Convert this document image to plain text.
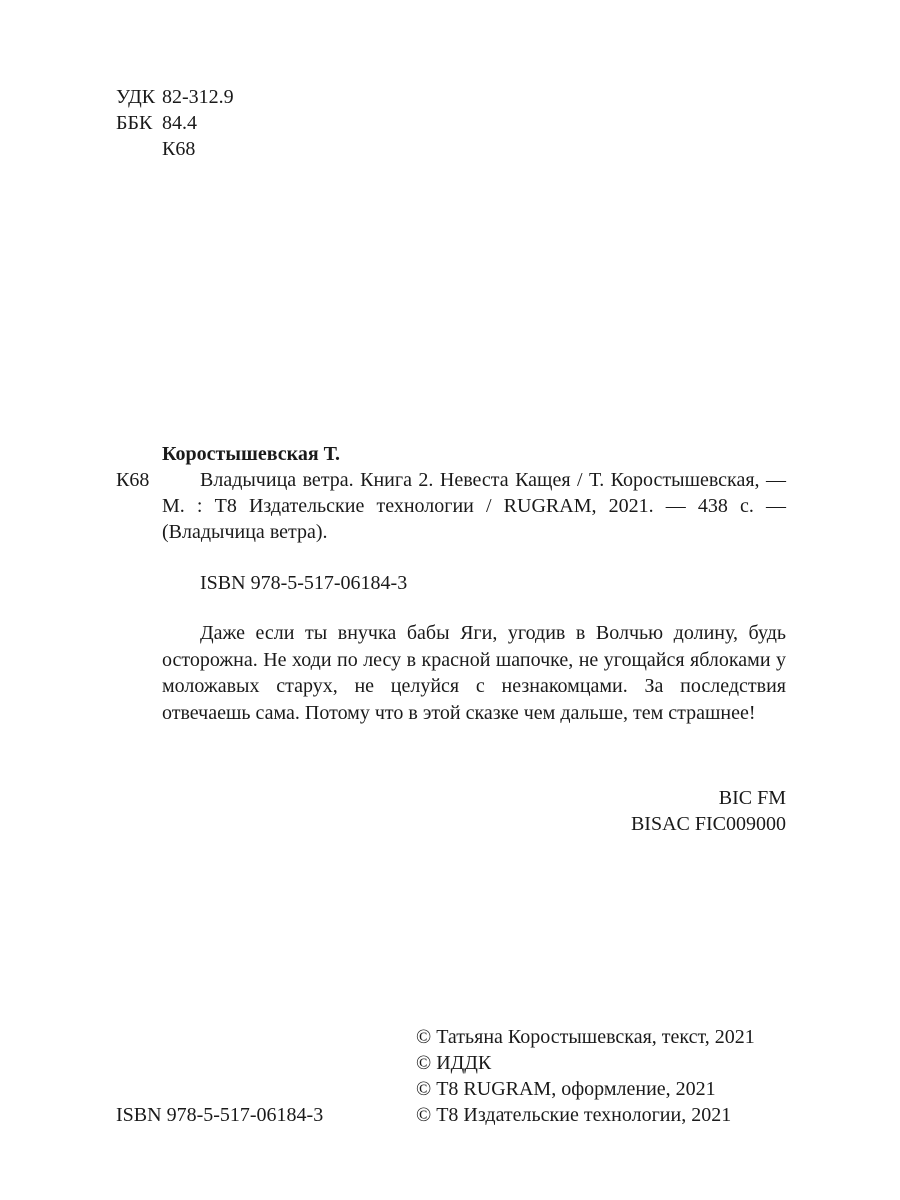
УДК 82-312.9
ББК 84.4
К68
Коростышевская Т.
К68	Владычица ветра. Книга 2. Невеста Кащея / Т. Коростышевская, — М. : Т8 Издательские технологии / RUGRAM, 2021. — 438 с. — (Владычица ветра).

ISBN 978-5-517-06184-3

Даже если ты внучка бабы Яги, угодив в Волчью долину, будь осторожна. Не ходи по лесу в красной шапочке, не угощайся яблоками у моложавых старух, не целуйся с незнакомцами. За последствия отвечаешь сама. Потому что в этой сказке чем дальше, тем страшнее!

BIC FM
BISAC FIC009000
© Татьяна Коростышевская, текст, 2021
© ИДДК
© Т8 RUGRAM, оформление, 2021
© Т8 Издательские технологии, 2021
ISBN 978-5-517-06184-3
